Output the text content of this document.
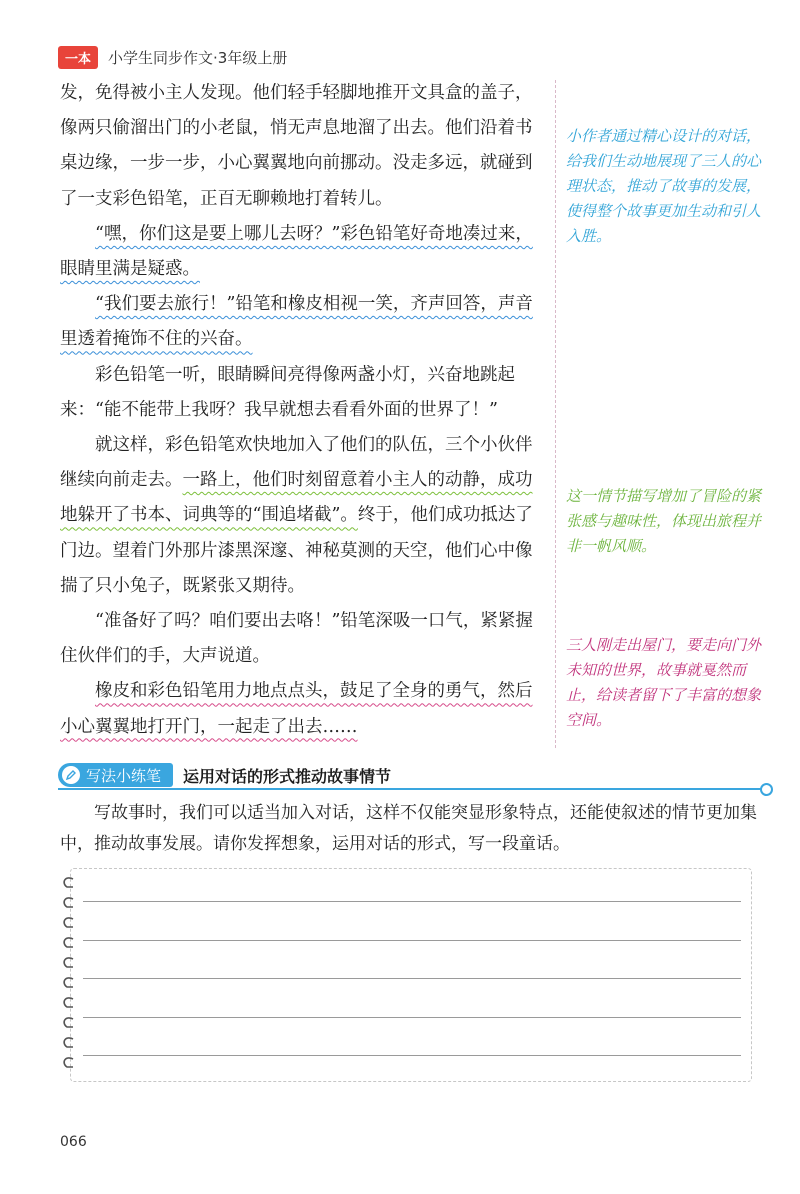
一本	小学生同步作文·3年级上册

发，免得被小主人发现。他们轻手轻脚地推开文具盒的盖子，像两只偷溜出门的小老鼠，悄无声息地溜了出去。他们沿着书桌边缘，一步一步，小心翼翼地向前挪动。没走多远，就碰到了一支彩色铅笔，正百无聊赖地打着转儿。

“嘿，你们这是要上哪儿去呀？”彩色铅笔好奇地凑过来，眼睛里满是疑惑。

“我们要去旅行！”铅笔和橡皮相视一笑，齐声回答，声音里透着掩饰不住的兴奋。

彩色铅笔一听，眼睛瞬间亮得像两盏小灯，兴奋地跳起来：“能不能带上我呀？我早就想去看看外面的世界了！”

就这样，彩色铅笔欢快地加入了他们的队伍，三个小伙伴继续向前走去。一路上，他们时刻留意着小主人的动静，成功地躲开了书本、词典等的“围追堵截”。终于，他们成功抵达了门边。望着门外那片漆黑深邃、神秘莫测的天空，他们心中像揣了只小兔子，既紧张又期待。

“准备好了吗？咱们要出去咯！”铅笔深吸一口气，紧紧握住伙伴们的手，大声说道。

橡皮和彩色铅笔用力地点点头，鼓足了全身的勇气，然后小心翼翼地打开门，一起走了出去……

小作者通过精心设计的对话，给我们生动地展现了三人的心理状态，推动了故事的发展，使得整个故事更加生动和引人入胜。
这一情节描写增加了冒险的紧张感与趣味性，体现出旅程并非一帆风顺。
三人刚走出屋门，要走向门外未知的世界，故事就戛然而止，给读者留下了丰富的想象空间。
写法小练笔 运用对话的形式推动故事情节
写故事时，我们可以适当加入对话，这样不仅能突显形象特点，还能使叙述的情节更加集中，推动故事发展。请你发挥想象，运用对话的形式，写一段童话。
066
